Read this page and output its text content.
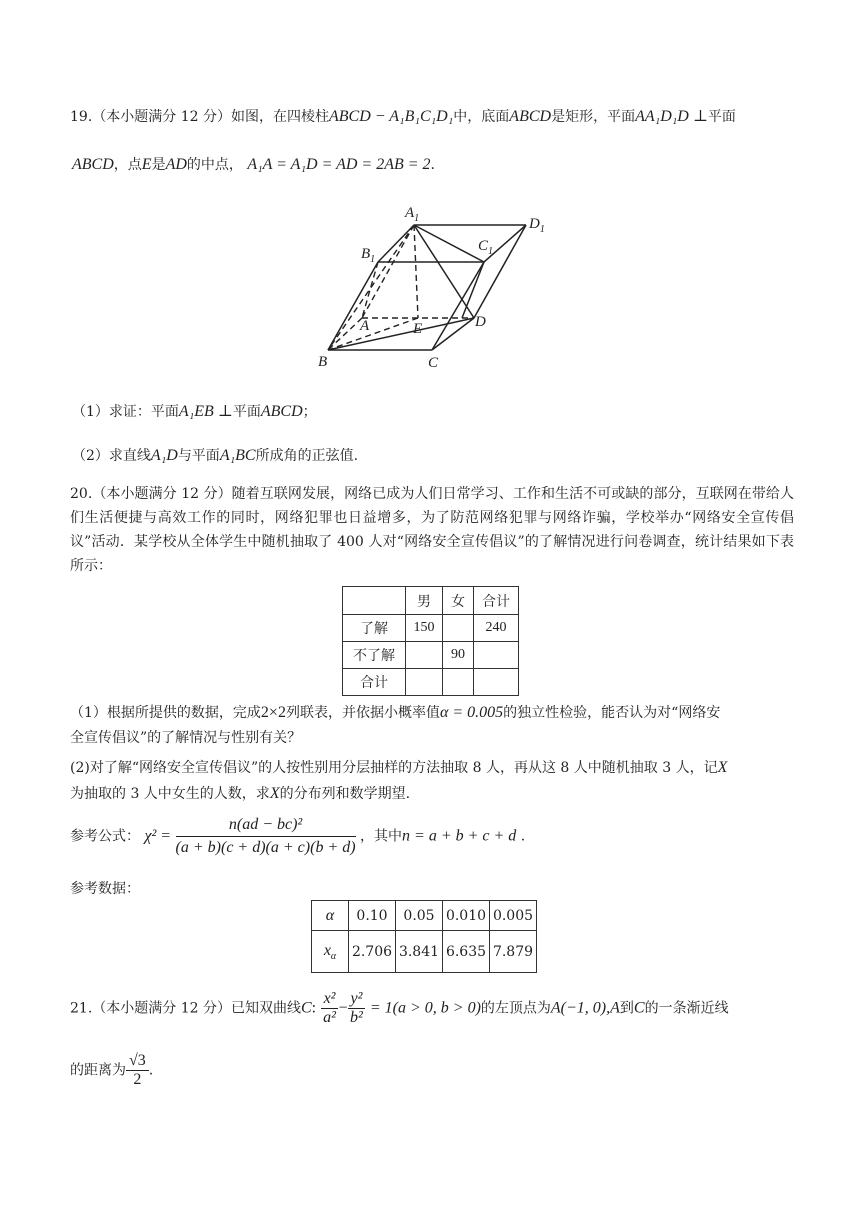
19.（本小题满分 12 分）如图，在四棱柱ABCD − A₁B₁C₁D₁中，底面ABCD是矩形，平面AA₁D₁D ⊥平面
ABCD，点E是AD的中点， A₁A = A₁D = AD = 2AB = 2.
$A_1$	$D_1$
$C_1$
$B_1$
A	E	D
B	C
（1）求证：平面A₁EB ⊥平面ABCD；
（2）求直线A₁D与平面A₁BC所成角的正弦值.
20.（本小题满分 12 分）随着互联网发展，网络已成为人们日常学习、工作和生活不可或缺的部分，互联网在带给人们生活便捷与高效工作的同时，网络犯罪也日益增多，为了防范网络犯罪与网络诈骗，学校举办“网络安全宣传倡议”活动．某学校从全体学生中随机抽取了 400 人对“网络安全宣传倡议”的了解情况进行问卷调查，统计结果如下表所示：
	男	女	合计
了解	150		240
不了解		90	
合计			
（1）根据所提供的数据，完成2×2列联表，并依据小概率值α = 0.005的独立性检验，能否认为对“网络安
全宣传倡议”的了解情况与性别有关？
(2)对了解“网络安全宣传倡议”的人按性别用分层抽样的方法抽取 8 人，再从这 8 人中随机抽取 3 人，记X
为抽取的 3 人中女生的人数，求X的分布列和数学期望.
参考公式： $\chi^2 = \frac{\text{n(ad − bc)²}}{(a + b)(c + d)(a + c)(b + d)}$ ，其中n = a + b + c + d .
参考数据：
α	0.10	0.05	0.010	0.005
$x_\alpha$	2.706	3.841	6.635	7.879
21.（本小题满分 12 分）已知双曲线C: $\frac{\text{x²}}{\text{a²}} - \frac{\text{y²}}{\text{b²}} = 1(a > 0$, b > 0)的左顶点为A(−1, 0),A到C的一条渐近线
的距离为 $\frac{√3}{2}$ .
